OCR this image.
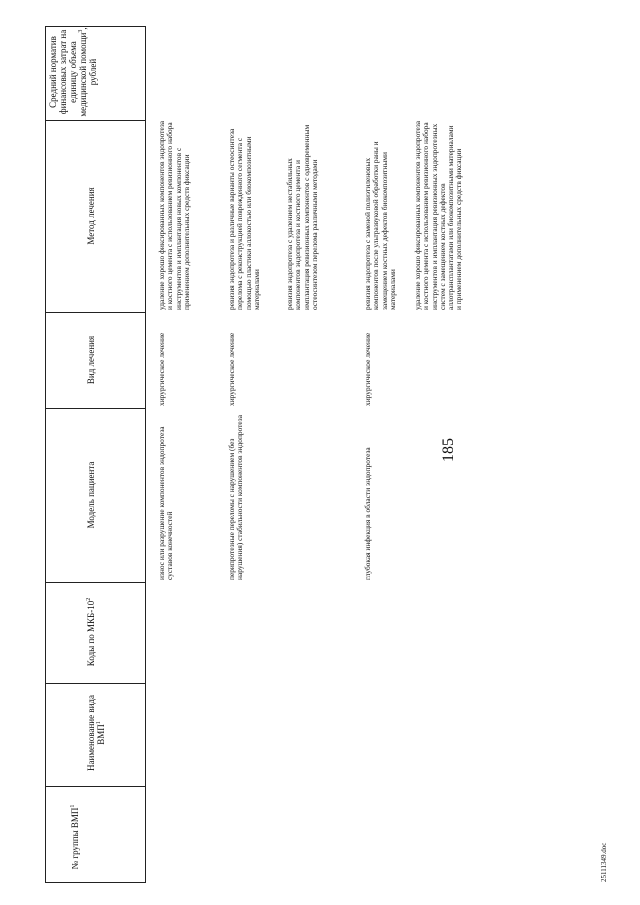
185
25111349.doc
№ группы ВМП$^1$
Наименование вида ВМП$^1$
Коды по МКБ-$10^2$
Модель пациента
Вид лечения
Метод лечения
Средний норматив финансовых затрат на единицу объема медицинской помощи$^3$, рублей
износ или разрушение компонентов эндопротеза суставов конечностей
хирургическое лечение
удаление хорошо фиксированных компонентов эндопротеза и костного цемента с использованием ревизионного набора инструментов и имплантация новых компонентов с применением дополнительных средств фиксации
перипротезные переломы с нарушением (без нарушения) стабильности компонентов эндопротеза
хирургическое лечение
ревизия эндопротеза и различные варианты остеосинтеза перелома с реконструкцией поврежденного сегмента с помощью пластики аллокостью или биокомпозитными материалами	ревизия эндопротеза с удалением нестабильных компонентов эндопротеза и костного цемента и имплантация ревизионных компонентов с одновременным остеосинтезом перелома различными методами
глубокая инфекция в области эндопротеза
хирургическое лечение
ревизия эндопротеза с заменой полиэтиленовых компонентов после ультразвуковой обработки раны и замещением костных дефектов биокомпозитными материалами удаление хорошо фиксированных компонентов эндопротеза и костного цемента с использованием ревизионного набора инструментов и имплантация ревизионных эндопротезных систем с замещением костных дефектов аллотрансплантатами или биокомпозитными материалами и применением дополнительных средств фиксации
